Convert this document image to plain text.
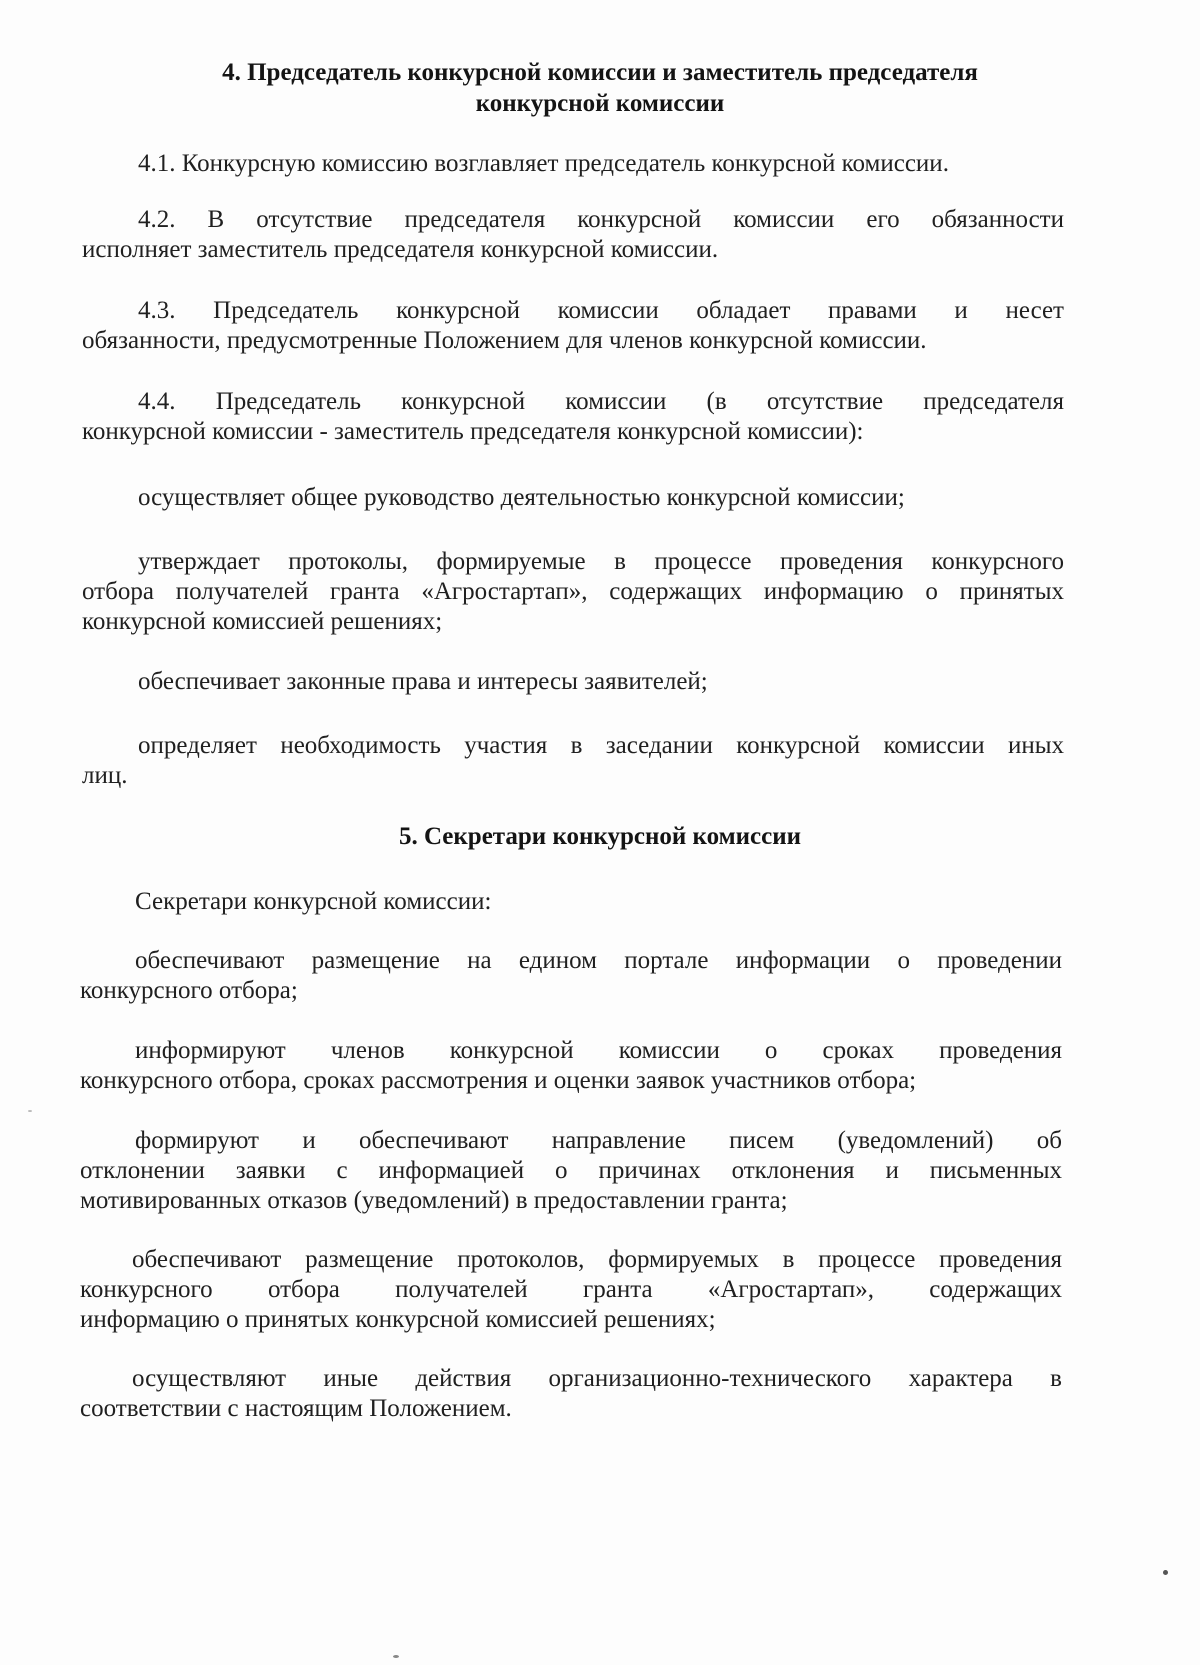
4. Председатель конкурсной комиссии и заместитель председателя
конкурсной комиссии
4.1. Конкурсную комиссию возглавляет председатель конкурсной комиссии.
4.2. В отсутствие председателя конкурсной комиссии его обязанности
исполняет заместитель председателя конкурсной комиссии.
4.3. Председатель конкурсной комиссии обладает правами и несет
обязанности, предусмотренные Положением для членов конкурсной комиссии.
4.4. Председатель конкурсной комиссии (в отсутствие председателя
конкурсной комиссии - заместитель председателя конкурсной комиссии):
осуществляет общее руководство деятельностью конкурсной комиссии;
утверждает протоколы, формируемые в процессе проведения конкурсного
отбора получателей гранта «Агростартап», содержащих информацию о принятых
конкурсной комиссией решениях;
обеспечивает законные права и интересы заявителей;
определяет необходимость участия в заседании конкурсной комиссии иных
лиц.
5. Секретари конкурсной комиссии
Секретари конкурсной комиссии:
обеспечивают размещение на едином портале информации о проведении
конкурсного отбора;
информируют членов конкурсной комиссии о сроках проведения
конкурсного отбора, сроках рассмотрения и оценки заявок участников отбора;
формируют и обеспечивают направление писем (уведомлений) об
отклонении заявки с информацией о причинах отклонения и письменных
мотивированных отказов (уведомлений) в предоставлении гранта;
обеспечивают размещение протоколов, формируемых в процессе проведения
конкурсного отбора получателей гранта «Агростартап», содержащих
информацию о принятых конкурсной комиссией решениях;
осуществляют иные действия организационно-технического характера в
соответствии с настоящим Положением.
